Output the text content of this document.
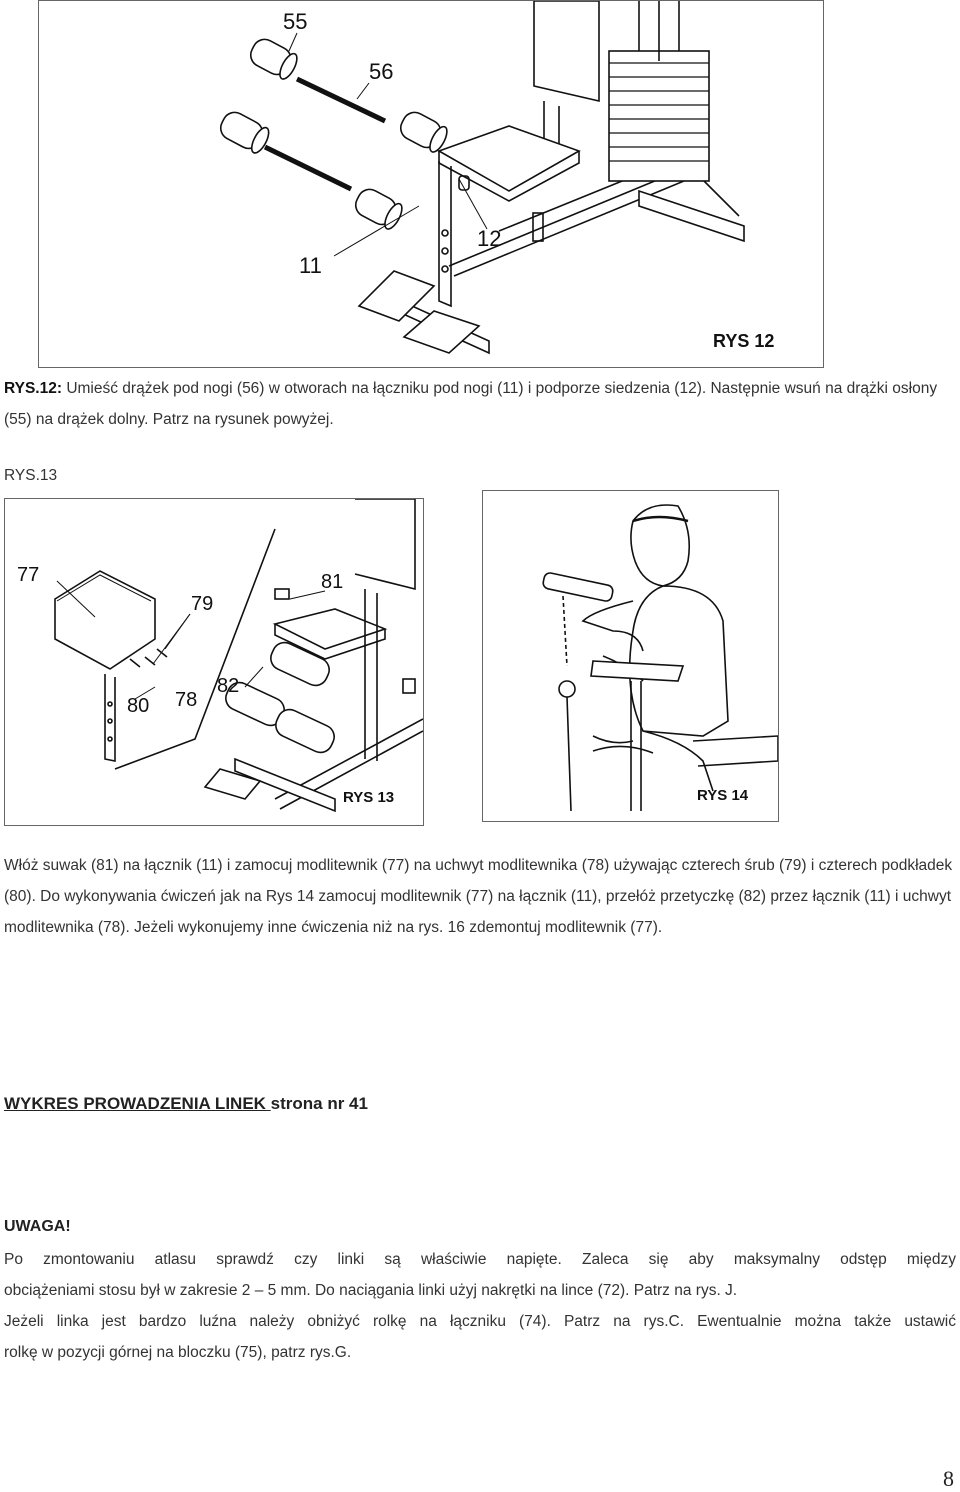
55
56
11
12
RYS 12
RYS.12: Umieść drążek pod nogi (56) w otworach na łączniku pod nogi (11) i podporze siedzenia (12). Następnie wsuń na drążki osłony (55) na drążek dolny. Patrz na rysunek powyżej.
RYS.13
77
79
81
80 78
82
RYS 13	RYS 14
Włóż suwak (81) na łącznik (11) i zamocuj modlitewnik (77) na uchwyt modlitewnika (78) używając czterech śrub (79) i czterech podkładek (80). Do wykonywania ćwiczeń jak na Rys 14 zamocuj modlitewnik (77) na łącznik (11), przełóż przetyczkę (82) przez łącznik (11) i uchwyt modlitewnika (78). Jeżeli wykonujemy inne ćwiczenia niż na rys. 16 zdemontuj modlitewnik (77).
WYKRES PROWADZENIA LINEK strona nr 41
UWAGA!
Po zmontowaniu atlasu sprawdź czy linki są właściwie napięte. Zaleca się aby maksymalny odstęp między
obciążeniami stosu był w zakresie 2 – 5 mm. Do naciągania linki użyj nakrętki na lince (72). Patrz na rys. J.
Jeżeli linka jest bardzo luźna należy obniżyć rolkę na łączniku (74). Patrz na rys.C. Ewentualnie można także ustawić
rolkę w pozycji górnej na bloczku (75), patrz rys.G.
8
